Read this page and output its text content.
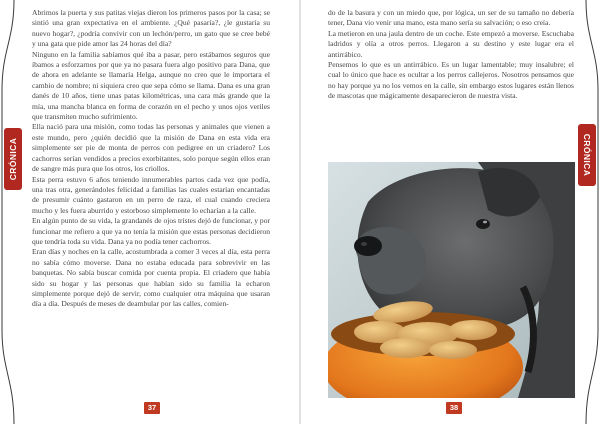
CRÓNICA

Abrimos la puerta y sus patitas viejas dieron los primeros pasos por la casa; se sintió una gran expectativa en el ambiente. ¿Qué pasaría?, ¿le gustaría su nuevo hogar?, ¿podría convivir con un lechón/perro, un gato que se cree bebé y una gata que pide amor las 24 horas del día?

Ninguno en la familia sabíamos qué iba a pasar, pero estábamos seguros que íbamos a esforzarnos por que ya no pasara fuera algo positivo para Dana, que de ahora en adelante se llamaría Helga, aunque no creo que le importara el cambio de nombre; ni siquiera creo que sepa cómo se llama. Dana es una gran danés de 10 años, tiene unas patas kilométricas, una cara más grande que la mía, una mancha blanca en forma de corazón en el pecho y unos ojos veriles que transmiten mucho sufrimiento.

Ella nació para una misión, como todas las personas y animales que vienen a este mundo, pero ¿quién decidió que la misión de Dana en esta vida era simplemente ser pie de monta de perros con pedigree en un criadero? Los cachorros serían vendidos a precios exorbitantes, solo porque según ellos eran de sangre más pura que los otros, los criollos.

Esta perra estuvo 6 años teniendo innumerables partos cada vez que podía, una tras otra, generándoles felicidad a familias las cuales estarían encantadas de presumir cuánto gastaron en un perro de raza, el cual cuando creciera mucho y les fuera aburrido y estorboso simplemente lo echarían a la calle.

En algún punto de su vida, la grandanés de ojos tristes dejó de funcionar, y por funcionar me refiero a que ya no tenía la misión que estas personas decidieron que tendría toda su vida. Dana ya no podía tener cachorros.

Eran días y noches en la calle, acostumbrada a comer 3 veces al día, esta perra no sabía cómo moverse. Dana no estaba educada para sobrevivir en las banquetas. No sabía buscar comida por cuenta propia. El criadero que había sido su hogar y las personas que habían sido su familia la echaron simplemente porque dejó de servir, como cualquier otra máquina que usaran día a día. Después de meses de deambular por las calles, comien-

37
CRÓNICA

do de la basura y con un miedo que, por lógica, un ser de su tamaño no debería tener, Dana vio venir una mano, esta mano sería su salvación; o eso creía.

La metieron en una jaula dentro de un coche. Este empezó a moverse. Escuchaba ladridos y olía a otros perros. Llegaron a su destino y este lugar era el antirrábico.

Pensemos lo que es un antirrábico. Es un lugar lamentable; muy insalubre; el cual lo único que hace es ocultar a los perros callejeros. Nosotros pensamos que no hay porque ya no los vemos en la calle, sin embargo estos lugares están llenos de mascotas que mágicamente desaparecieron de nuestra vista.

38
